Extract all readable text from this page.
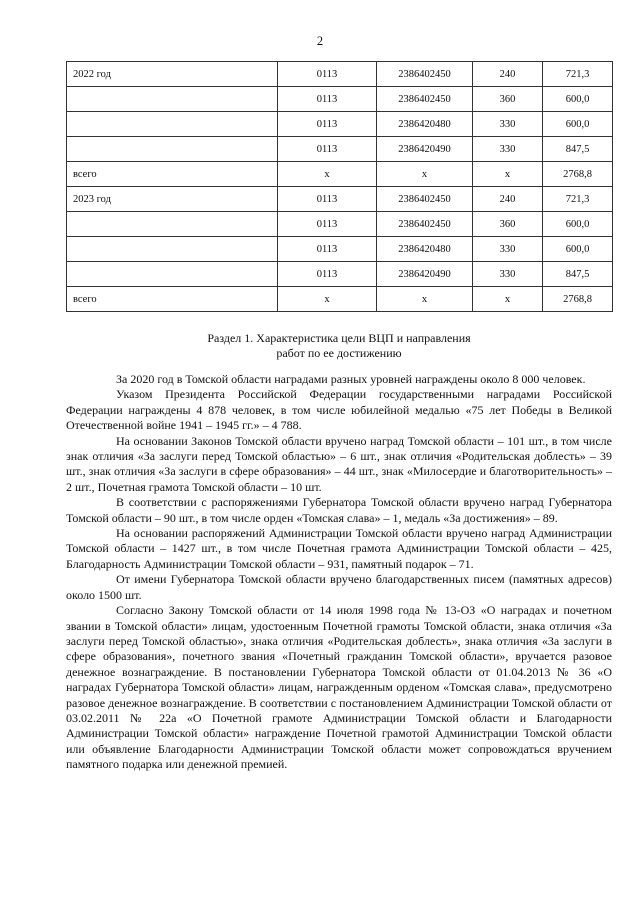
2
2022 год	0113	2386402450	240	721,3
	0113	2386402450	360	600,0
	0113	2386420480	330	600,0
	0113	2386420490	330	847,5
всего	х	х	х	2768,8
2023 год	0113	2386402450	240	721,3
	0113	2386402450	360	600,0
	0113	2386420480	330	600,0
	0113	2386420490	330	847,5
всего	х	х	х	2768,8
Раздел 1. Характеристика цели ВЦП и направления
работ по ее достижению

За 2020 год в Томской области наградами разных уровней награждены около 8 000 человек.

Указом Президента Российской Федерации государственными наградами Российской Федерации награждены 4 878 человек, в том числе юбилейной медалью «75 лет Победы в Великой Отечественной войне 1941 – 1945 гг.» – 4 788.

На основании Законов Томской области вручено наград Томской области – 101 шт., в том числе знак отличия «За заслуги перед Томской областью» – 6 шт., знак отличия «Родительская доблесть» – 39 шт., знак отличия «За заслуги в сфере образования» – 44 шт., знак «Милосердие и благотворительность» – 2 шт., Почетная грамота Томской области – 10 шт.

В соответствии с распоряжениями Губернатора Томской области вручено наград Губернатора Томской области – 90 шт., в том числе орден «Томская слава» – 1, медаль «За достижения» – 89.

На основании распоряжений Администрации Томской области вручено наград Администрации Томской области – 1427 шт., в том числе Почетная грамота Администрации Томской области – 425, Благодарность Администрации Томской области – 931, памятный подарок – 71.

От имени Губернатора Томской области вручено благодарственных писем (памятных адресов) около 1500 шт.

Согласно Закону Томской области от 14 июля 1998 года № 13-ОЗ «О наградах и почетном звании в Томской области» лицам, удостоенным Почетной грамоты Томской области, знака отличия «За заслуги перед Томской областью», знака отличия «Родительская доблесть», знака отличия «За заслуги в сфере образования», почетного звания «Почетный гражданин Томской области», вручается разовое денежное вознаграждение. В постановлении Губернатора Томской области от 01.04.2013 № 36 «О наградах Губернатора Томской области» лицам, награжденным орденом «Томская слава», предусмотрено разовое денежное вознаграждение. В соответствии с постановлением Администрации Томской области от 03.02.2011 № 22а «О Почетной грамоте Администрации Томской области и Благодарности Администрации Томской области» награждение Почетной грамотой Администрации Томской области или объявление Благодарности Администрации Томской области может сопровождаться вручением памятного подарка или денежной премией.
